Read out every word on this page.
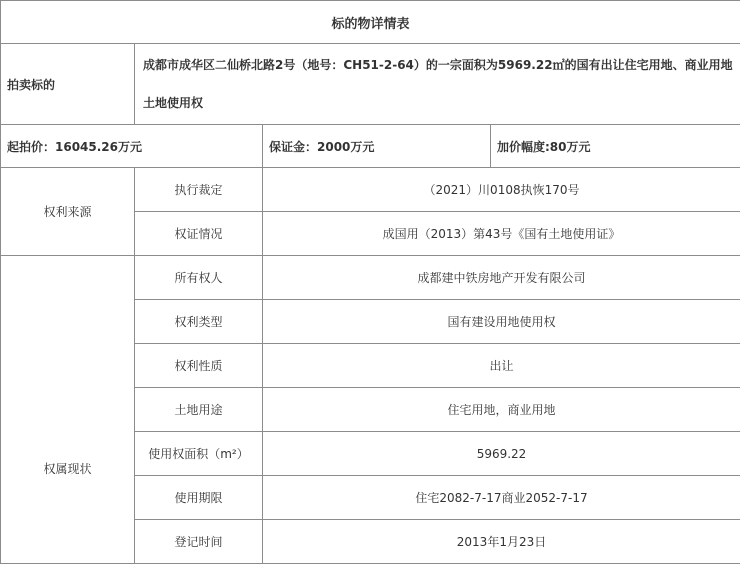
标的物详情表			
拍卖标的	成都市成华区二仙桥北路2号（地号：CH51-2-64）的一宗面积为5969.22㎡的国有出让住宅用地、商业用地土地使用权		
起拍价：16045.26万元		保证金：2000万元	加价幅度:80万元
权利来源	执行裁定	（2021）川0108执恢170号	
	权证情况	成国用（2013）第43号《国有土地使用证》	
权属现状	所有权人	成都建中铁房地产开发有限公司	
	权利类型	国有建设用地使用权	
	权利性质	出让	
	土地用途	住宅用地，商业用地	
	使用权面积（m²）	5969.22	
	使用期限	住宅2082-7-17商业2052-7-17	
	登记时间	2013年1月23日	
